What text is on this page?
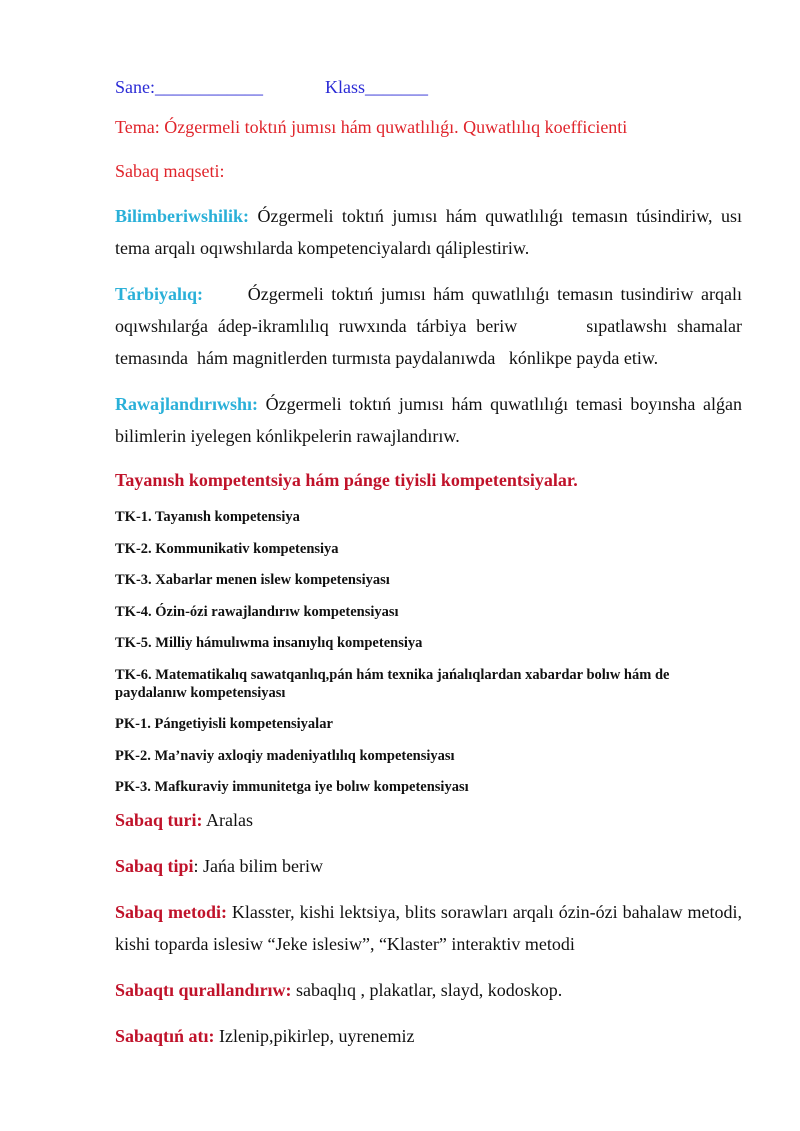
Sane:____________	Klass_______
Tema: Ózgermeli toktıń jumısı hám quwatlılıǵı. Quwatlılıq koefficienti
Sabaq maqseti:
Bilimberiwshilik: Ózgermeli toktıń jumısı hám quwatlılıǵı temasın túsindiriw, usı tema arqalı oqıwshılarda kompetenciyalardı qáliplestiriw.
Tárbiyalıq:      Ózgermeli toktıń jumısı hám quwatlılıǵı temasın tusindiriw arqalı oqıwshılarǵa ádep-ikramlılıq ruwxında tárbiya beriw       sıpatlawshı shamalar temasında  hám magnitlerden turmısta paydalanıwda   kónlikpe payda etiw.
Rawajlandırıwshı: Ózgermeli toktıń jumısı hám quwatlılıǵı temasi boyınsha alǵan bilimlerin iyelegen kónlikpelerin rawajlandırıw.
Tayanısh kompetentsiya hám pánge tiyisli kompetentsiyalar.
TK-1. Tayanısh kompetensiya
TK-2. Kommunikativ kompetensiya
TK-3. Xabarlar menen islew kompetensiyası
TK-4. Ózin-ózi rawajlandırıw kompetensiyası
TK-5. Milliy hámulıwma insanıylıq kompetensiya
TK-6. Matematikalıq sawatqanlıq,pán hám texnika jańalıqlardan xabardar bolıw hám de paydalanıw kompetensiyası
PK-1. Pángetiyisli kompetensiyalar
PK-2. Ma’naviy axloqiy madeniyatlılıq kompetensiyası
PK-3. Mafkuraviy immunitetga iye bolıw kompetensiyası
Sabaq turi: Aralas
Sabaq tipi: Jańa bilim beriw
Sabaq metodi: Klasster, kishi lektsiya, blits sorawları arqalı ózin-ózi bahalaw metodi, kishi toparda islesiw “Jeke islesiw”, “Klaster” interaktiv metodi
Sabaqtı qurallandırıw: sabaqlıq , plakatlar, slayd, kodoskop.
Sabaqtıń atı: Izlenip,pikirlep, uyrenemiz
